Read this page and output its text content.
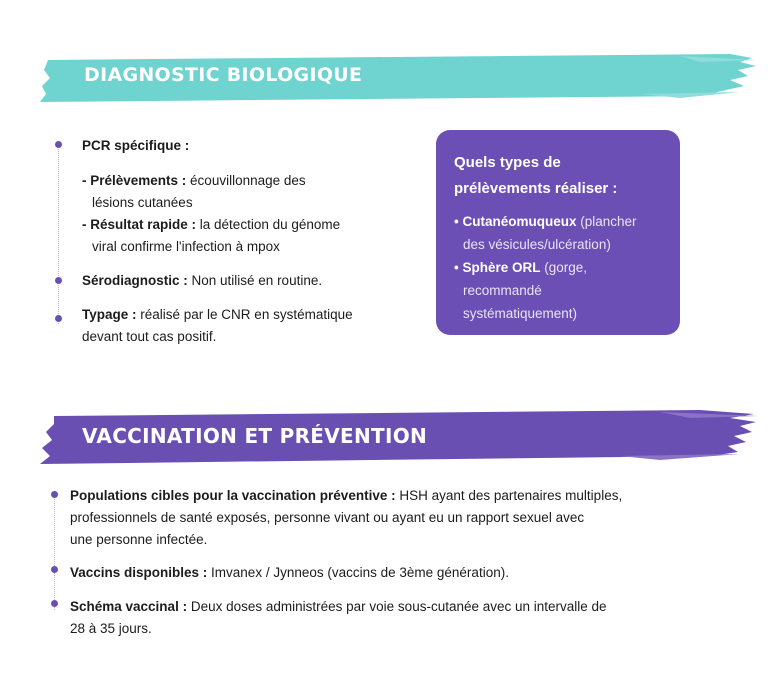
DIAGNOSTIC BIOLOGIQUE
PCR spécifique :
- Prélèvements : écouvillonnage des
lésions cutanées
- Résultat rapide : la détection du génome
viral confirme l'infection à mpox
Sérodiagnostic : Non utilisé en routine.
Typage : réalisé par le CNR en systématique
devant tout cas positif.
Quels types de
prélèvements réaliser :
• Cutanéomuqueux (plancher
des vésicules/ulcération)
• Sphère ORL (gorge,
recommandé
systématiquement)
VACCINATION ET PRÉVENTION
Populations cibles pour la vaccination préventive : HSH ayant des partenaires multiples,
professionnels de santé exposés, personne vivant ou ayant eu un rapport sexuel avec
une personne infectée.
Vaccins disponibles : Imvanex / Jynneos (vaccins de 3ème génération).
Schéma vaccinal : Deux doses administrées par voie sous-cutanée avec un intervalle de
28 à 35 jours.
